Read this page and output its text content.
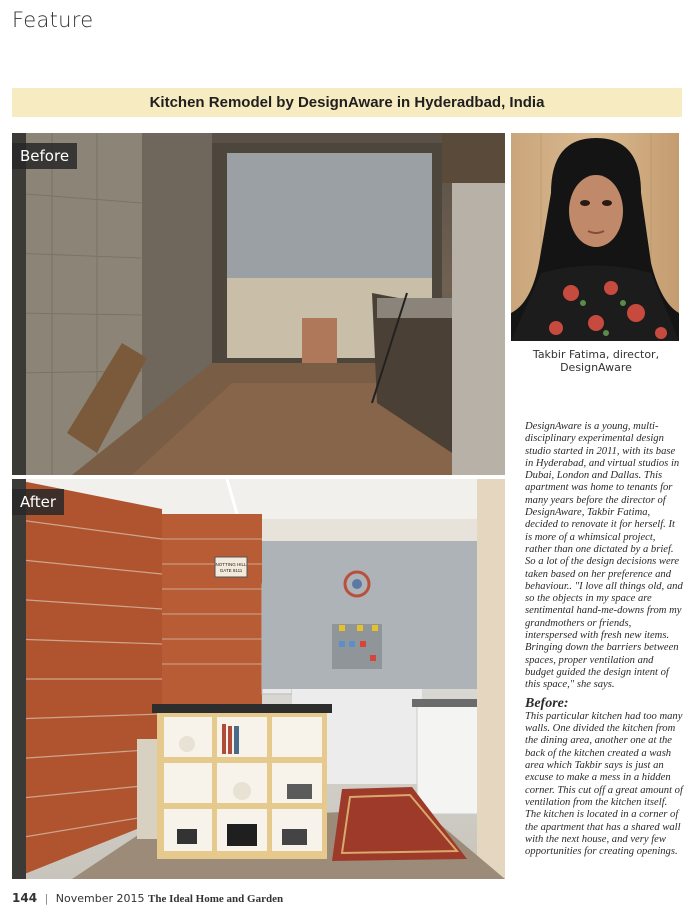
Feature
Kitchen Remodel by DesignAware in Hyderadbad, India
Before
Takbir Fatima, director,
DesignAware
NOTTING HILL
GATE 8111
After

DesignAware is a young, multi-disciplinary experimental design studio started in 2011, with its base in Hyderabad, and virtual studios in Dubai, London and Dallas. This apartment was home to tenants for many years before the director of DesignAware, Takbir Fatima, decided to renovate it for herself. It is more of a whimsical project, rather than one dictated by a brief. So a lot of the design decisions were taken based on her preference and behaviour.. "I love all things old, and so the objects in my space are sentimental hand-me-downs from my grandmothers or friends, interspersed with fresh new items. Bringing down the barriers between spaces, proper ventilation and budget guided the design intent of this space," she says.

Before:

This particular kitchen had too many walls. One divided the kitchen from the dining area, another one at the back of the kitchen created a wash area which Takbir says is just an excuse to make a mess in a hidden corner. This cut off a great amount of ventilation from the kitchen itself. The kitchen is located in a corner of the apartment that has a shared wall with the next house, and very few opportunities for creating openings.

144 | November 2015 The Ideal Home and Garden
